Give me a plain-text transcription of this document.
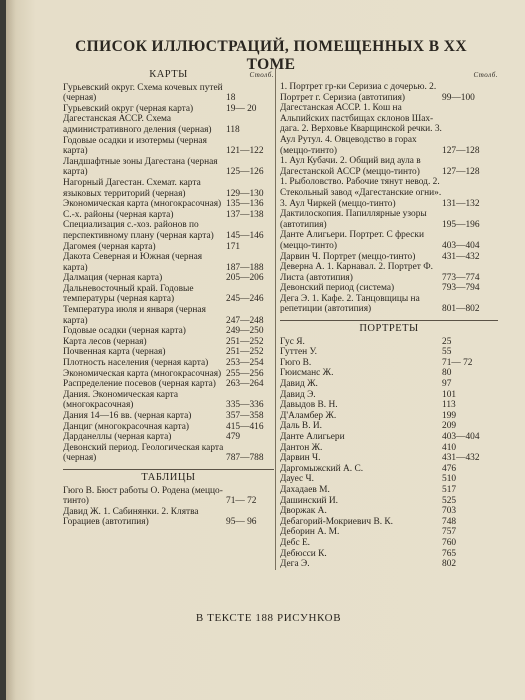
СПИСОК ИЛЛЮСТРАЦИЙ, ПОМЕЩЕННЫХ В XX ТОМЕ
КАРТЫ	Столб.
Гурьевский округ. Схема кочевых путей (черная)	18
Гурьевский округ (черная карта)	19— 20
Дагестанская АССР. Схема административного деления (черная) 118
Годовые осадки и изотермы (черная карта)	121—122
Ландшафтные зоны Дагестана (черная карта)	125—126
Нагорный Дагестан. Схемат. карта языковых территорий (черная)	129—130
Экономическая карта (многокрасочная) 135—136
С.-х. районы (черная карта)	137—138
Специализация с.-хоз. районов по перспективному плану (черная карта) 145—146
Дагомея (черная карта)	171
Дакота Северная и Южная (черная карта)	187—188
Далмация (черная карта)	205—206
Дальневосточный край. Годовые температуры (черная карта)	245—246
Температура июля и января (черная карта)	247—248
Годовые осадки (черная карта)	249—250
Карта лесов (черная)	251—252
Почвенная карта (черная)	251—252
Плотность населения (черная карта) 253—254
Экономическая карта (многокрасочная) 255—256
Распределение посевов (черная карта) 263—264
Дания. Экономическая карта (многокрасочная)	335—336
Дания 14—16 вв. (черная карта)	357—358
Данциг (многокрасочная карта)	415—416
Дарданеллы (черная карта)	479
Девонский период. Геологическая карта (черная)	787—788
ТАБЛИЦЫ
Гюго В. Бюст работы О. Родена (меццо-тинто)	71— 72
Давид Ж. 1. Сабинянки. 2. Клятва Горациев (автотипия)	95— 96
Столб.
1. Портрет гр-ки Серизиа с дочерью. 2. Портрет г. Серизиа (автотипия)	99—100
Дагестанская АССР. 1. Кош на Альпийских пастбищах склонов Шах-дага. 2. Верховье Кварщинской речки. 3. Аул Рутул. 4. Овцеводство в горах (меццо-тинто)	127—128
1. Аул Кубачи. 2. Общий вид аула в Дагестанской АССР (меццо-тинто) 127—128
1. Рыболовство. Рабочие тянут невод. 2. Стекольный завод «Дагестанские огни». 3. Аул Чиркей (меццо-тинто)	131—132
Дактилоскопия. Папиллярные узоры (автотипия)	195—196
Данте Алигьери. Портрет. С фрески (меццо-тинто)	403—404
Дарвин Ч. Портрет (меццо-тинто)	431—432
Деверна А. 1. Карнавал. 2. Портрет Ф. Листа (автотипия)	773—774
Девонский период (система)	793—794
Дега Э. 1. Кафе. 2. Танцовщицы на репетиции (автотипия)	801—802
ПОРТРЕТЫ
Гус Я.	25
Гуттен У.	55
Гюго В.	71— 72
Гюисманс Ж.	80
Давид Ж.	97
Давид Э.	101
Давыдов В. Н.	113
Д'Аламбер Ж.	199
Даль В. И.	209
Данте Алигьери	403—404
Дантон Ж.	410
Дарвин Ч.	431—432
Даргомыжский А. С.	476
Дауес Ч.	510
Дахадаев М.	517
Дашинский И.	525
Дворжак А.	703
Дебагорий-Мокриевич В. К.	748
Деборин А. М.	757
Дебс Е.	760
Дебюсси К.	765
Дега Э.	802
В ТЕКСТЕ 188 РИСУНКОВ
